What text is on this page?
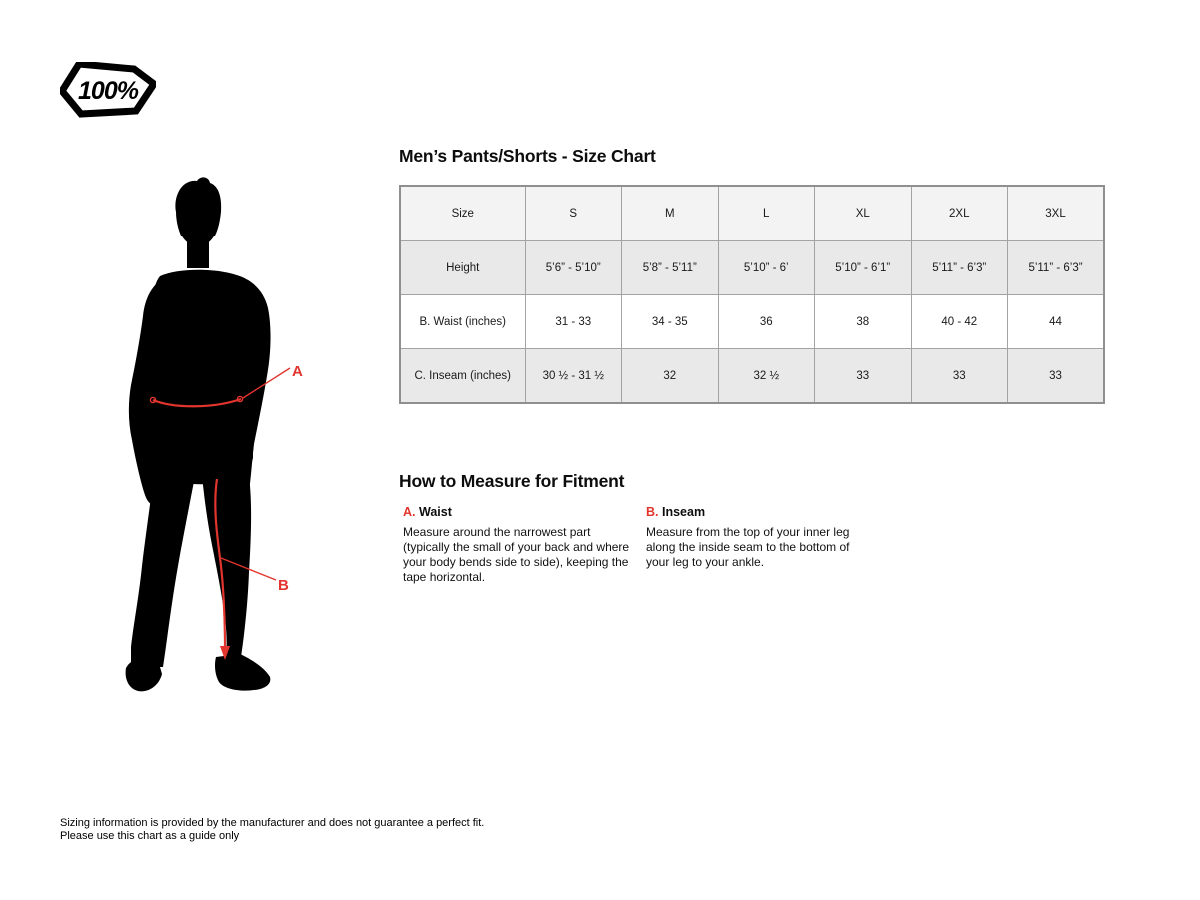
100%
A
B
Men’s Pants/Shorts - Size Chart
Size	S	M	L	XL	2XL	3XL
Height	5’6” - 5’10”	5’8” - 5’11”	5’10” - 6’	5’10” - 6’1”	5’11” - 6’3”	5’11” - 6’3”
B. Waist (inches)	31 - 33	34 - 35	36	38	40 - 42	44
C. Inseam (inches)	30 ½ - 31 ½	32	32 ½	33	33	33
How to Measure for Fitment
A. Waist

Measure around the narrowest part (typically the small of your back and where your body bends side to side), keeping the tape horizontal.

B. Inseam

Measure from the top of your inner leg along the inside seam to the bottom of your leg to your ankle.

Sizing information is provided by the manufacturer and does not guarantee a perfect fit.
Please use this chart as a guide only
